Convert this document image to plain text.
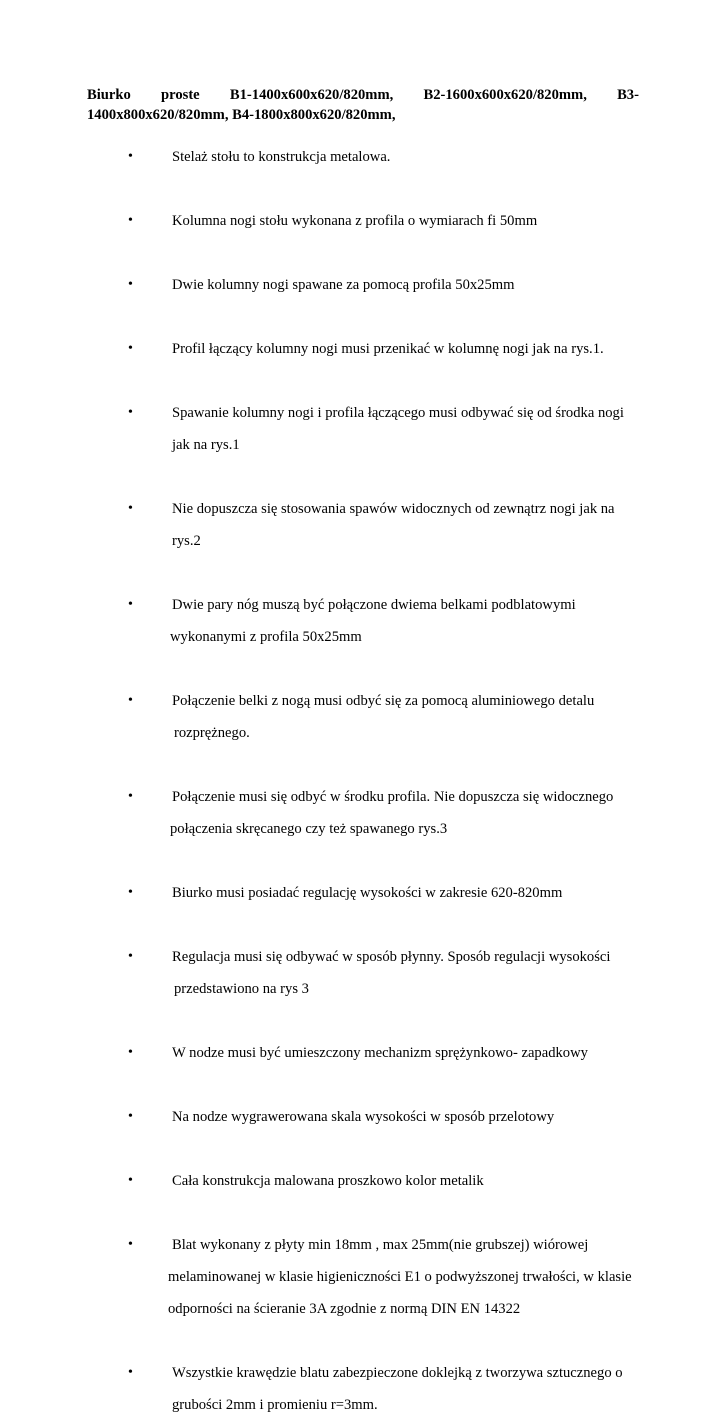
Biurko proste B1-1400x600x620/820mm, B2-1600x600x620/820mm, B3-
1400x800x620/820mm, B4-1800x800x620/820mm,
•	Stelaż stołu to konstrukcja metalowa.
•	Kolumna nogi stołu wykonana z profila o wymiarach fi 50mm
•	Dwie kolumny nogi spawane za pomocą profila 50x25mm
•	Profil łączący kolumny nogi musi przenikać w kolumnę nogi jak na rys.1.
•	Spawanie kolumny nogi i profila łączącego musi odbywać się od środka nogi
jak na rys.1
•	Nie dopuszcza się stosowania spawów widocznych od zewnątrz nogi jak na
rys.2
•	Dwie pary nóg muszą być połączone dwiema belkami podblatowymi
wykonanymi z profila 50x25mm
•	Połączenie belki z nogą musi odbyć się za pomocą aluminiowego detalu
rozprężnego.
•	Połączenie musi się odbyć w środku profila. Nie dopuszcza się widocznego
połączenia skręcanego czy też spawanego rys.3
•	Biurko musi posiadać regulację wysokości w zakresie 620-820mm
•	Regulacja musi się odbywać w sposób płynny. Sposób regulacji wysokości
przedstawiono na rys 3
•	W nodze musi być umieszczony mechanizm sprężynkowo- zapadkowy
•	Na nodze wygrawerowana skala wysokości w sposób przelotowy
•	Cała konstrukcja malowana proszkowo kolor metalik
•	Blat wykonany z płyty min 18mm , max 25mm(nie grubszej) wiórowej
melaminowanej w klasie higieniczności E1 o podwyższonej trwałości, w klasie
odporności na ścieranie 3A zgodnie z normą DIN EN 14322
•	Wszystkie krawędzie blatu zabezpieczone doklejką z tworzywa sztucznego o
grubości 2mm i promieniu r=3mm.
